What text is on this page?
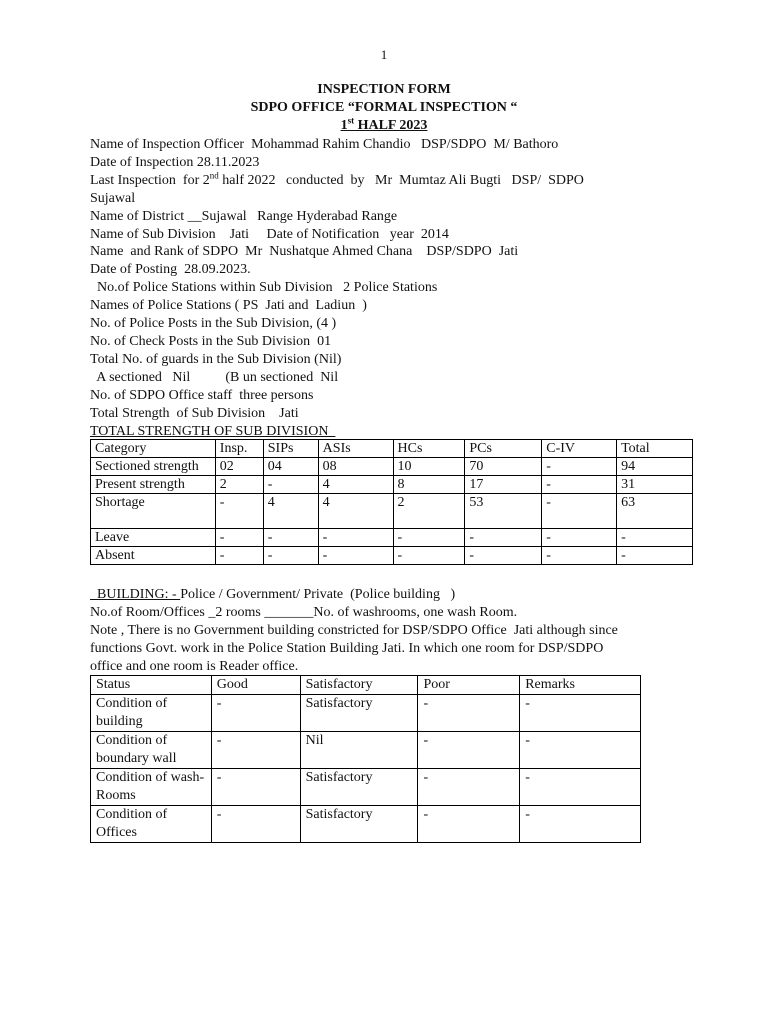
1
INSPECTION FORM
SDPO OFFICE “FORMAL INSPECTION “
1st HALF 2023
Name of Inspection Officer  Mohammad Rahim Chandio   DSP/SDPO  M/ Bathoro
Date of Inspection 28.11.2023
Last Inspection  for 2nd half 2022   conducted  by   Mr  Mumtaz Ali Bugti   DSP/  SDPO
Sujawal
Name of District __Sujawal   Range Hyderabad Range
Name of Sub Division    Jati     Date of Notification   year  2014
Name  and Rank of SDPO  Mr  Nushatque Ahmed Chana    DSP/SDPO  Jati
Date of Posting  28.09.2023.
No.of Police Stations within Sub Division   2 Police Stations
Names of Police Stations ( PS  Jati and  Ladiun  )
No. of Police Posts in the Sub Division, (4 )
No. of Check Posts in the Sub Division  01
Total No. of guards in the Sub Division (Nil)
A sectioned   Nil          (B un sectioned  Nil
No. of SDPO Office staff  three persons
Total Strength  of Sub Division    Jati
TOTAL STRENGTH OF SUB DIVISION
Category	Insp.	SIPs	ASIs	HCs	PCs	C-IV	Total
Sectioned strength	02	04	08	10	70	-	94
Present strength	2	-	4	8	17	-	31
Shortage	-	4	4	2	53	-	63
Leave	-	-	-	-	-	-	-
Absent	-	-	-	-	-	-	-
BUILDING: - Police / Government/ Private  (Police building   )
No.of Room/Offices _2 rooms _______No. of washrooms, one wash Room.
Note , There is no Government building constricted for DSP/SDPO Office  Jati although since
functions Govt. work in the Police Station Building Jati. In which one room for DSP/SDPO
office and one room is Reader office.
Status	Good	Satisfactory	Poor	Remarks
Condition of building	-	Satisfactory	-	-
Condition of boundary wall	-	Nil	-	-
Condition of wash- Rooms	-	Satisfactory	-	-
Condition of Offices	-	Satisfactory	-	-
